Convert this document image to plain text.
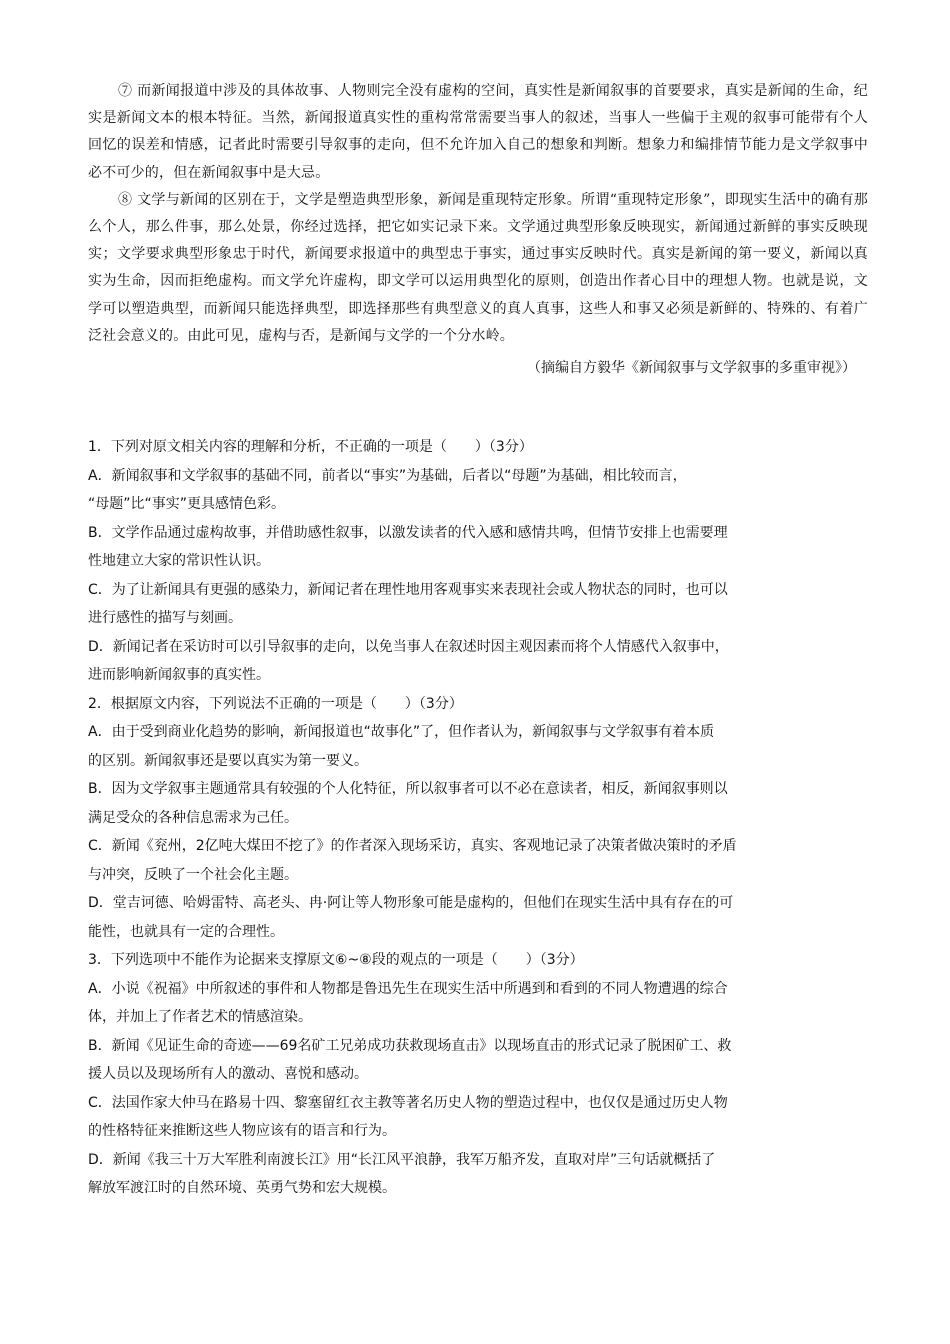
⑦ 而新闻报道中涉及的具体故事、人物则完全没有虚构的空间，真实性是新闻叙事的首要要求，真实是新闻的生命，纪实是新闻文本的根本特征。当然，新闻报道真实性的重构常常需要当事人的叙述，当事人一些偏于主观的叙事可能带有个人回忆的误差和情感，记者此时需要引导叙事的走向，但不允许加入自己的想象和判断。想象力和编排情节能力是文学叙事中必不可少的，但在新闻叙事中是大忌。

⑧ 文学与新闻的区别在于，文学是塑造典型形象，新闻是重现特定形象。所谓“重现特定形象”，即现实生活中的确有那么个人，那么件事，那么处景，你经过选择，把它如实记录下来。文学通过典型形象反映现实，新闻通过新鲜的事实反映现实；文学要求典型形象忠于时代，新闻要求报道中的典型忠于事实，通过事实反映时代。真实是新闻的第一要义，新闻以真实为生命，因而拒绝虚构。而文学允许虚构，即文学可以运用典型化的原则，创造出作者心目中的理想人物。也就是说，文学可以塑造典型，而新闻只能选择典型，即选择那些有典型意义的真人真事，这些人和事又必须是新鲜的、特殊的、有着广泛社会意义的。由此可见，虚构与否，是新闻与文学的一个分水岭。

（摘编自方毅华《新闻叙事与文学叙事的多重审视》）

1．下列对原文相关内容的理解和分析，不正确的一项是（　　）（3分）

A．新闻叙事和文学叙事的基础不同，前者以“事实”为基础，后者以“母题”为基础，相比较而言，
“母题”比“事实”更具感情色彩。

B．文学作品通过虚构故事，并借助感性叙事，以激发读者的代入感和感情共鸣，但情节安排上也需要理
性地建立大家的常识性认识。

C．为了让新闻具有更强的感染力，新闻记者在理性地用客观事实来表现社会或人物状态的同时，也可以
进行感性的描写与刻画。

D．新闻记者在采访时可以引导叙事的走向，以免当事人在叙述时因主观因素而将个人情感代入叙事中，
进而影响新闻叙事的真实性。

2．根据原文内容，下列说法不正确的一项是（　　）（3分）

A．由于受到商业化趋势的影响，新闻报道也“故事化”了，但作者认为，新闻叙事与文学叙事有着本质
的区别。新闻叙事还是要以真实为第一要义。

B．因为文学叙事主题通常具有较强的个人化特征，所以叙事者可以不必在意读者，相反，新闻叙事则以
满足受众的各种信息需求为己任。

C．新闻《兖州，2亿吨大煤田不挖了》的作者深入现场采访，真实、客观地记录了决策者做决策时的矛盾
与冲突，反映了一个社会化主题。

D．堂吉诃德、哈姆雷特、高老头、冉·阿让等人物形象可能是虚构的，但他们在现实生活中具有存在的可
能性，也就具有一定的合理性。

3．下列选项中不能作为论据来支撑原文⑥~⑧段的观点的一项是（　　）（3分）

A．小说《祝福》中所叙述的事件和人物都是鲁迅先生在现实生活中所遇到和看到的不同人物遭遇的综合
体，并加上了作者艺术的情感渲染。

B．新闻《见证生命的奇迹——69名矿工兄弟成功获救现场直击》以现场直击的形式记录了脱困矿工、救
援人员以及现场所有人的激动、喜悦和感动。

C．法国作家大仲马在路易十四、黎塞留红衣主教等著名历史人物的塑造过程中，也仅仅是通过历史人物
的性格特征来推断这些人物应该有的语言和行为。

D．新闻《我三十万大军胜利南渡长江》用“长江风平浪静，我军万船齐发，直取对岸”三句话就概括了
解放军渡江时的自然环境、英勇气势和宏大规模。
